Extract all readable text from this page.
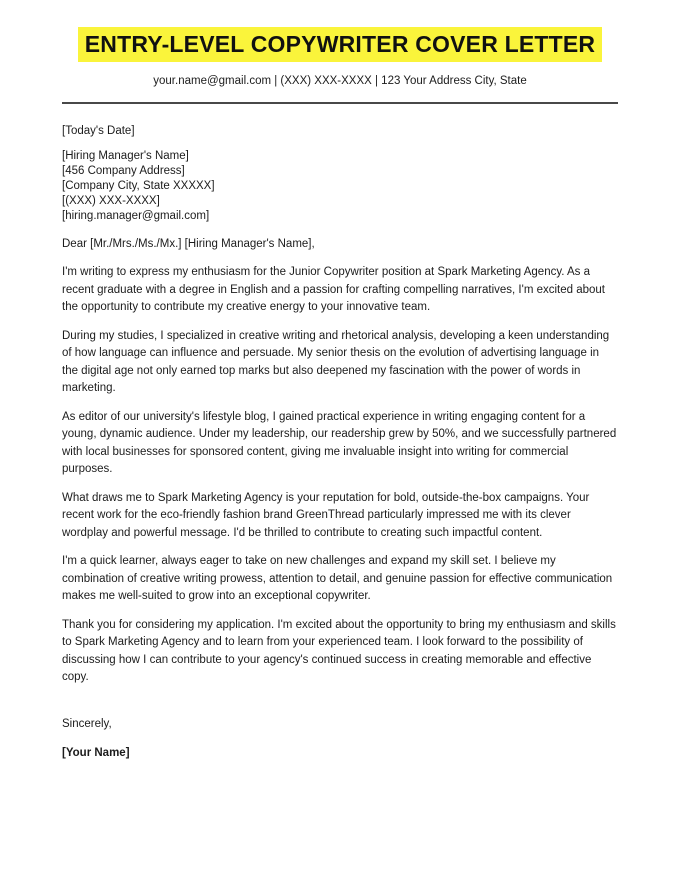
ENTRY-LEVEL COPYWRITER COVER LETTER
your.name@gmail.com | (XXX) XXX-XXXX | 123 Your Address City, State

[Today's Date]

[Hiring Manager's Name]
[456 Company Address]
[Company City, State XXXXX]
[(XXX) XXX-XXXX]
[hiring.manager@gmail.com]

Dear [Mr./Mrs./Ms./Mx.] [Hiring Manager's Name],

I'm writing to express my enthusiasm for the Junior Copywriter position at Spark Marketing Agency. As a recent graduate with a degree in English and a passion for crafting compelling narratives, I'm excited about the opportunity to contribute my creative energy to your innovative team.

During my studies, I specialized in creative writing and rhetorical analysis, developing a keen understanding of how language can influence and persuade. My senior thesis on the evolution of advertising language in the digital age not only earned top marks but also deepened my fascination with the power of words in marketing.

As editor of our university's lifestyle blog, I gained practical experience in writing engaging content for a young, dynamic audience. Under my leadership, our readership grew by 50%, and we successfully partnered with local businesses for sponsored content, giving me invaluable insight into writing for commercial purposes.

What draws me to Spark Marketing Agency is your reputation for bold, outside-the-box campaigns. Your recent work for the eco-friendly fashion brand GreenThread particularly impressed me with its clever wordplay and powerful message. I'd be thrilled to contribute to creating such impactful content.

I'm a quick learner, always eager to take on new challenges and expand my skill set. I believe my combination of creative writing prowess, attention to detail, and genuine passion for effective communication makes me well-suited to grow into an exceptional copywriter.

Thank you for considering my application. I'm excited about the opportunity to bring my enthusiasm and skills to Spark Marketing Agency and to learn from your experienced team. I look forward to the possibility of discussing how I can contribute to your agency's continued success in creating memorable and effective copy.

Sincerely,

[Your Name]
